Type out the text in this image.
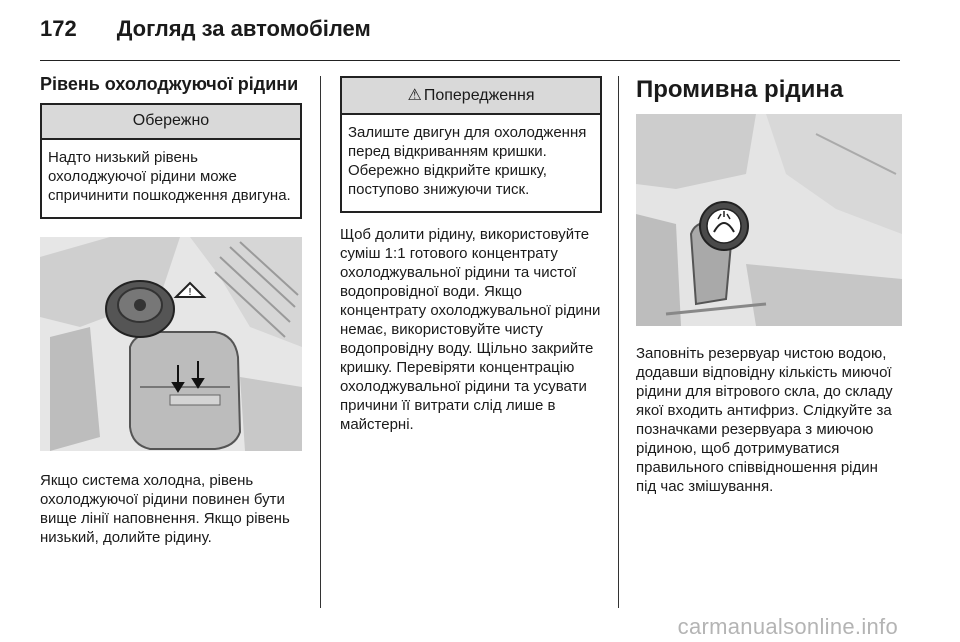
172 Догляд за автомобілем
Рівень охолоджуючої рідини
Обережно
Надто низький рівень охолоджуючої рідини може спричинити пошкодження двигуна.
!

Якщо система холодна, рівень охолоджуючої рідини повинен бути вище лінії наповнення. Якщо рівень низький, долийте рідину.

⚠ Попередження
Залиште двигун для охолодження перед відкриванням кришки. Обережно відкрийте кришку, поступово знижуючи тиск.

Щоб долити рідину, використовуйте суміш 1:1 готового концентрату охолоджувальної рідини та чистої водопровідної води. Якщо концентрату охолоджувальної рідини немає, використовуйте чисту водопровідну воду. Щільно закрийте кришку. Перевіряти концентрацію охолоджувальної рідини та усувати причини її витрати слід лише в майстерні.

Промивна рідина

Заповніть резервуар чистою водою, додавши відповідну кількість миючої рідини для вітрового скла, до складу якої входить антифриз. Слідкуйте за позначками резервуара з миючою рідиною, щоб дотримуватися правильного співвідношення рідин під час змішування.

carmanualsonline.info
